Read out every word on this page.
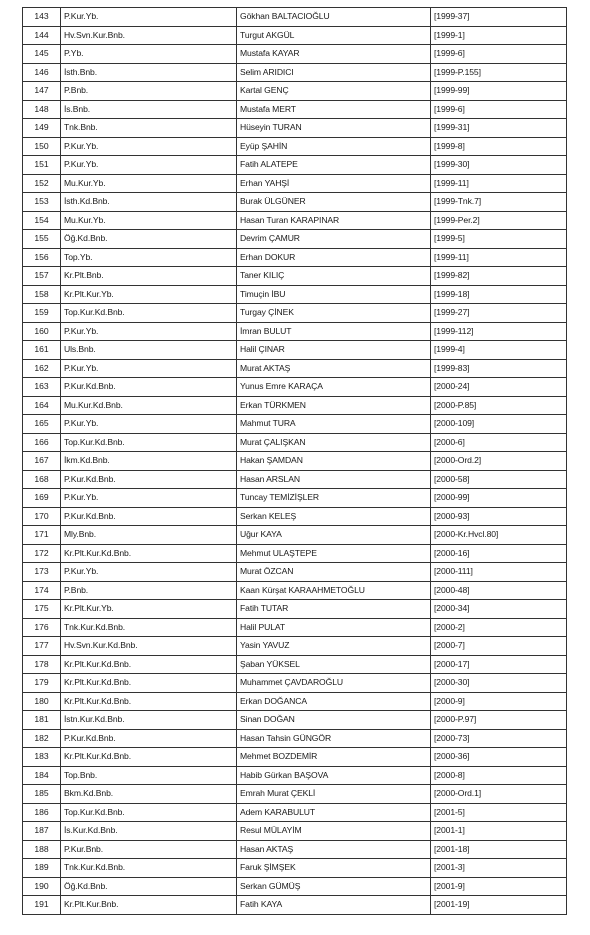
143	P.Kur.Yb.	Gökhan BALTACIOĞLU	[1999-37]
144	Hv.Svn.Kur.Bnb.	Turgut AKGÜL	[1999-1]
145	P.Yb.	Mustafa KAYAR	[1999-6]
146	İsth.Bnb.	Selim ARIDICI	[1999-P.155]
147	P.Bnb.	Kartal GENÇ	[1999-99]
148	İs.Bnb.	Mustafa MERT	[1999-6]
149	Tnk.Bnb.	Hüseyin TURAN	[1999-31]
150	P.Kur.Yb.	Eyüp ŞAHİN	[1999-8]
151	P.Kur.Yb.	Fatih ALATEPE	[1999-30]
152	Mu.Kur.Yb.	Erhan YAHŞİ	[1999-11]
153	İsth.Kd.Bnb.	Burak ÜLGÜNER	[1999-Tnk.7]
154	Mu.Kur.Yb.	Hasan Turan KARAPINAR	[1999-Per.2]
155	Öğ.Kd.Bnb.	Devrim ÇAMUR	[1999-5]
156	Top.Yb.	Erhan DOKUR	[1999-11]
157	Kr.Plt.Bnb.	Taner KILIÇ	[1999-82]
158	Kr.Plt.Kur.Yb.	Timuçin İBU	[1999-18]
159	Top.Kur.Kd.Bnb.	Turgay ÇİNEK	[1999-27]
160	P.Kur.Yb.	İmran BULUT	[1999-112]
161	Uls.Bnb.	Halil ÇINAR	[1999-4]
162	P.Kur.Yb.	Murat AKTAŞ	[1999-83]
163	P.Kur.Kd.Bnb.	Yunus Emre KARAÇA	[2000-24]
164	Mu.Kur.Kd.Bnb.	Erkan TÜRKMEN	[2000-P.85]
165	P.Kur.Yb.	Mahmut TURA	[2000-109]
166	Top.Kur.Kd.Bnb.	Murat ÇALIŞKAN	[2000-6]
167	İkm.Kd.Bnb.	Hakan ŞAMDAN	[2000-Ord.2]
168	P.Kur.Kd.Bnb.	Hasan ARSLAN	[2000-58]
169	P.Kur.Yb.	Tuncay TEMİZİŞLER	[2000-99]
170	P.Kur.Kd.Bnb.	Serkan KELEŞ	[2000-93]
171	Mly.Bnb.	Uğur KAYA	[2000-Kr.Hvcl.80]
172	Kr.Plt.Kur.Kd.Bnb.	Mehmut ULAŞTEPE	[2000-16]
173	P.Kur.Yb.	Murat ÖZCAN	[2000-111]
174	P.Bnb.	Kaan Kürşat KARAAHMETOĞLU	[2000-48]
175	Kr.Plt.Kur.Yb.	Fatih TUTAR	[2000-34]
176	Tnk.Kur.Kd.Bnb.	Halil PULAT	[2000-2]
177	Hv.Svn.Kur.Kd.Bnb.	Yasin YAVUZ	[2000-7]
178	Kr.Plt.Kur.Kd.Bnb.	Şaban YÜKSEL	[2000-17]
179	Kr.Plt.Kur.Kd.Bnb.	Muhammet ÇAVDAROĞLU	[2000-30]
180	Kr.Plt.Kur.Kd.Bnb.	Erkan DOĞANCA	[2000-9]
181	İstn.Kur.Kd.Bnb.	Sinan DOĞAN	[2000-P.97]
182	P.Kur.Kd.Bnb.	Hasan Tahsin GÜNGÖR	[2000-73]
183	Kr.Plt.Kur.Kd.Bnb.	Mehmet BOZDEMİR	[2000-36]
184	Top.Bnb.	Habib Gürkan BAŞOVA	[2000-8]
185	Bkm.Kd.Bnb.	Emrah Murat ÇEKLİ	[2000-Ord.1]
186	Top.Kur.Kd.Bnb.	Adem KARABULUT	[2001-5]
187	İs.Kur.Kd.Bnb.	Resul MÜLAYİM	[2001-1]
188	P.Kur.Bnb.	Hasan AKTAŞ	[2001-18]
189	Tnk.Kur.Kd.Bnb.	Faruk ŞİMŞEK	[2001-3]
190	Öğ.Kd.Bnb.	Serkan GÜMÜŞ	[2001-9]
191	Kr.Plt.Kur.Bnb.	Fatih KAYA	[2001-19]
